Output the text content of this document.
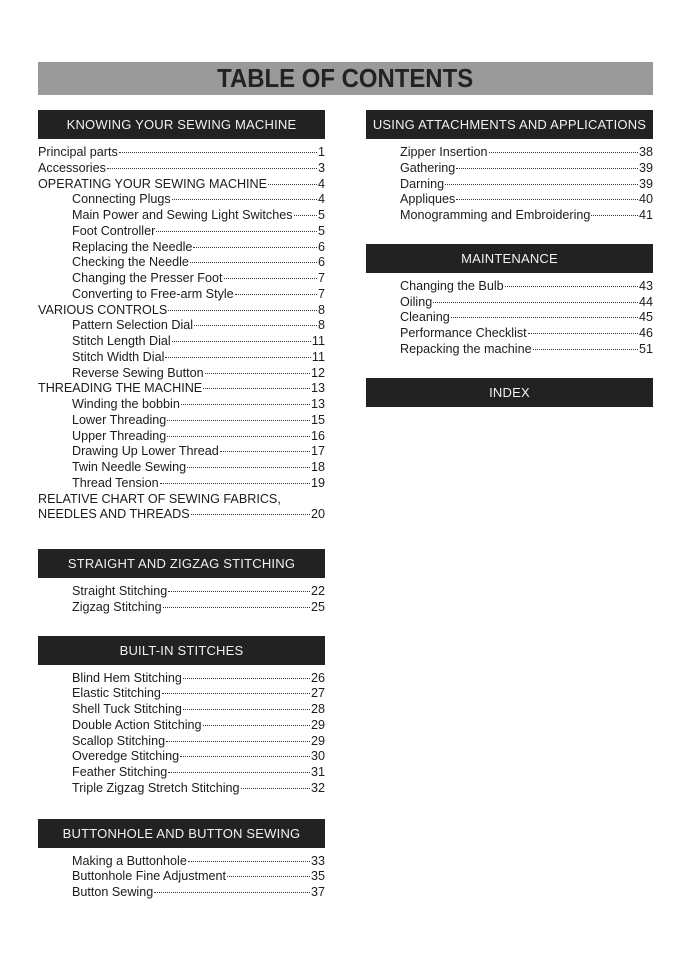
TABLE OF CONTENTS
KNOWING YOUR SEWING MACHINE
Principal parts	1
Accessories	3
OPERATING YOUR SEWING MACHINE	4
Connecting Plugs	4
Main Power and Sewing Light Switches 5
Foot Controller	5
Replacing the Needle	6
Checking the Needle	6
Changing the Presser Foot	7
Converting to Free-arm Style	7
VARIOUS CONTROLS	8
Pattern Selection Dial	8
Stitch Length Dial	11
Stitch Width Dial	11
Reverse Sewing Button	12
THREADING THE MACHINE	13
Winding the bobbin	13
Lower Threading	15
Upper Threading	16
Drawing Up Lower Thread	17
Twin Needle Sewing	18
Thread Tension	19
RELATIVE CHART OF SEWING FABRICS,
NEEDLES AND THREADS	20
STRAIGHT AND ZIGZAG STITCHING
Straight Stitching	22
Zigzag Stitching	25
BUILT-IN STITCHES
Blind Hem Stitching	26
Elastic Stitching	27
Shell Tuck Stitching	28
Double Action Stitching	29
Scallop Stitching	29
Overedge Stitching	30
Feather Stitching	31
Triple Zigzag Stretch Stitching	32
BUTTONHOLE AND BUTTON SEWING
Making a Buttonhole	33
Buttonhole Fine Adjustment	35
Button Sewing	37
USING ATTACHMENTS AND APPLICATIONS
Zipper Insertion	38
Gathering	39
Darning	39
Appliques	40
Monogramming and Embroidering	41
MAINTENANCE
Changing the Bulb	43
Oiling	44
Cleaning	45
Performance Checklist	46
Repacking the machine	51
INDEX
